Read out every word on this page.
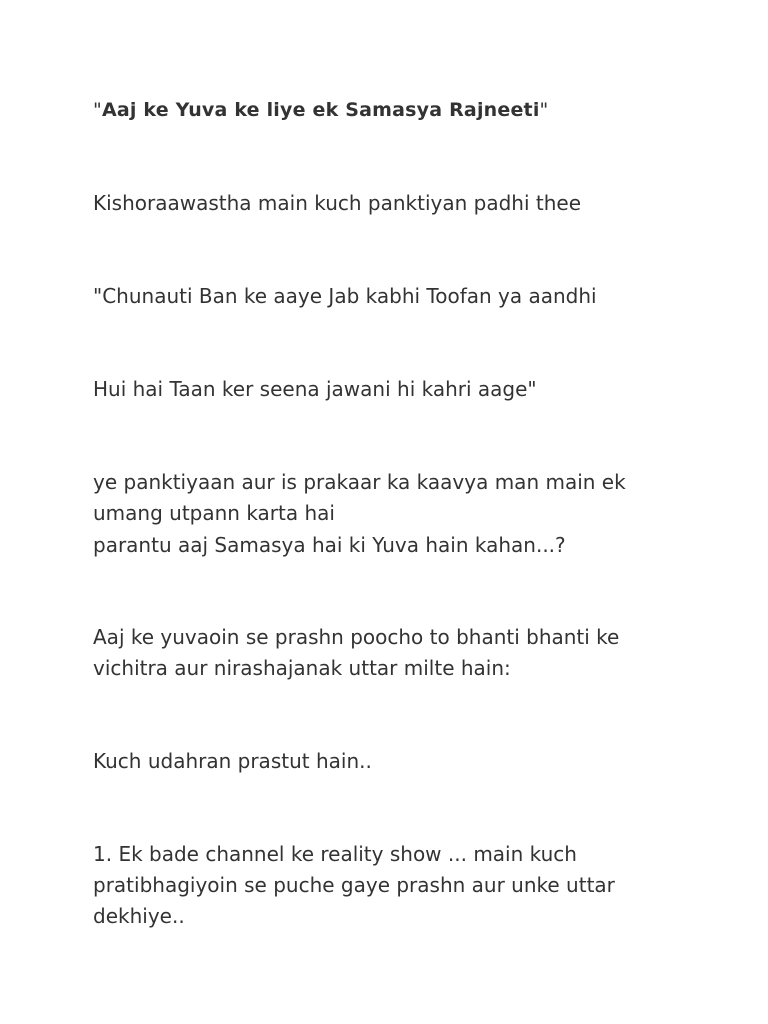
"Aaj ke Yuva ke liye ek Samasya Rajneeti"

Kishoraawastha main kuch panktiyan padhi thee

"Chunauti Ban ke aaye Jab kabhi Toofan ya aandhi

Hui hai Taan ker seena jawani hi kahri aage"

ye panktiyaan aur is prakaar ka kaavya man main ek

umang utpann karta hai

parantu aaj Samasya hai ki Yuva hain kahan...?

Aaj ke yuvaoin se prashn poocho to bhanti bhanti ke

vichitra aur nirashajanak uttar milte hain:

Kuch udahran prastut hain..

1. Ek bade channel ke reality show ... main kuch

pratibhagiyoin se puche gaye prashn aur unke uttar

dekhiye..
